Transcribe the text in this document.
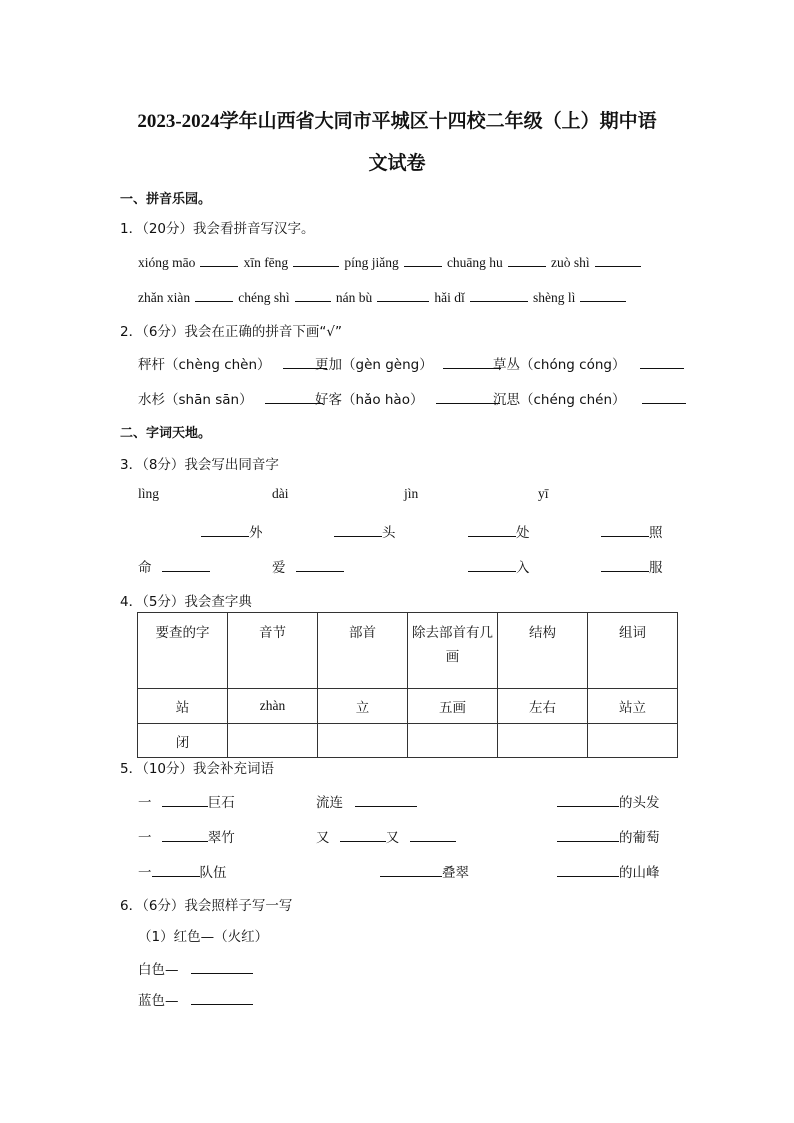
2023-2024学年山西省大同市平城区十四校二年级（上）期中语
文试卷
一、拼音乐园。
1．（20分）我会看拼音写汉字。
xióng māo	xīn fēng	píng jiǎng	chuāng hu	zuò shì
zhǎn xiàn	chéng shì	nán bù	hǎi dǐ	shèng lì
2．（6分）我会在正确的拼音下画“√”
秤杆（chèng chèn）	更加（gèn gèng）	草丛（chóng cóng）
水杉（shān sān）	好客（hǎo hào）	沉思（chéng chén）
二、字词天地。
3．（8分）我会写出同音字
lìng	dài	jìn	yī
外	头	处	照
命	爱	入	服
4．（5分）我会查字典
要查的字	音节	部首	除去部首有几画	结构	组词
站	zhàn	立	五画	左右	站立
闭					
5．（10分）我会补充词语
一	巨石	流连	的头发
一	翠竹	又	又	的葡萄
一	队伍	叠翠	的山峰
6．（6分）我会照样子写一写
（1）红色—（火红）
白色—
蓝色—
